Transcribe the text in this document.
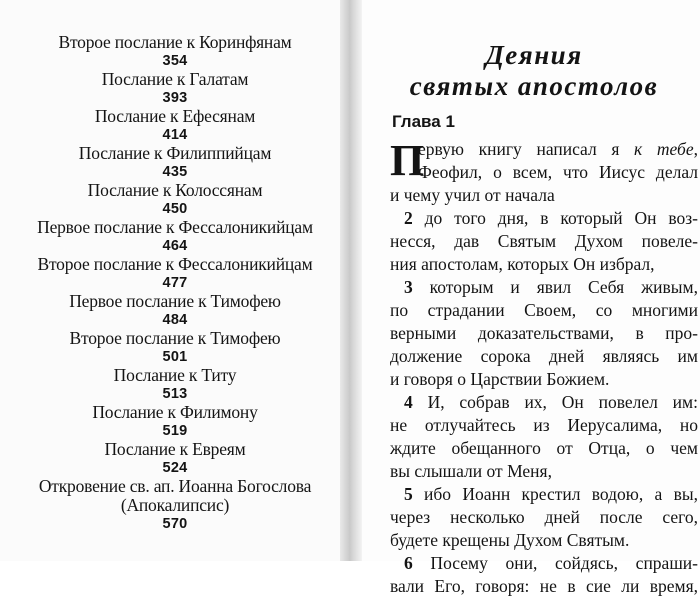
Второе послание к Коринфянам
354
Послание к Галатам
393
Послание к Ефесянам
414
Послание к Филиппийцам
435
Послание к Колоссянам
450
Первое послание к Фессалоникийцам
464
Второе послание к Фессалоникийцам
477
Первое послание к Тимофею
484
Второе послание к Тимофею
501
Послание к Титу
513
Послание к Филимону
519
Послание к Евреям
524
Откровение св. ап. Иоанна Богослова
(Апокалипсис)
570
Деяния
святых апостолов
Глава 1
П
ервую книгу написал я к тебе,
Феофил, о всем, что Иисус делал
и чему учил от начала
2 до того дня, в который Он воз-
несся, дав Святым Духом повеле-
ния апостолам, которых Он избрал,
3 которым и явил Себя живым,
по страдании Своем, со многими
верными доказательствами, в про-
должение сорока дней являясь им
и говоря о Царствии Божием.
4 И, собрав их, Он повелел им:
не отлучайтесь из Иерусалима, но
ждите обещанного от Отца, о чем
вы слышали от Меня,
5 ибо Иоанн крестил водою, а вы,
через несколько дней после сего,
будете крещены Духом Святым.
6 Посему они, сойдясь, спраши-
вали Его, говоря: не в сие ли время,
